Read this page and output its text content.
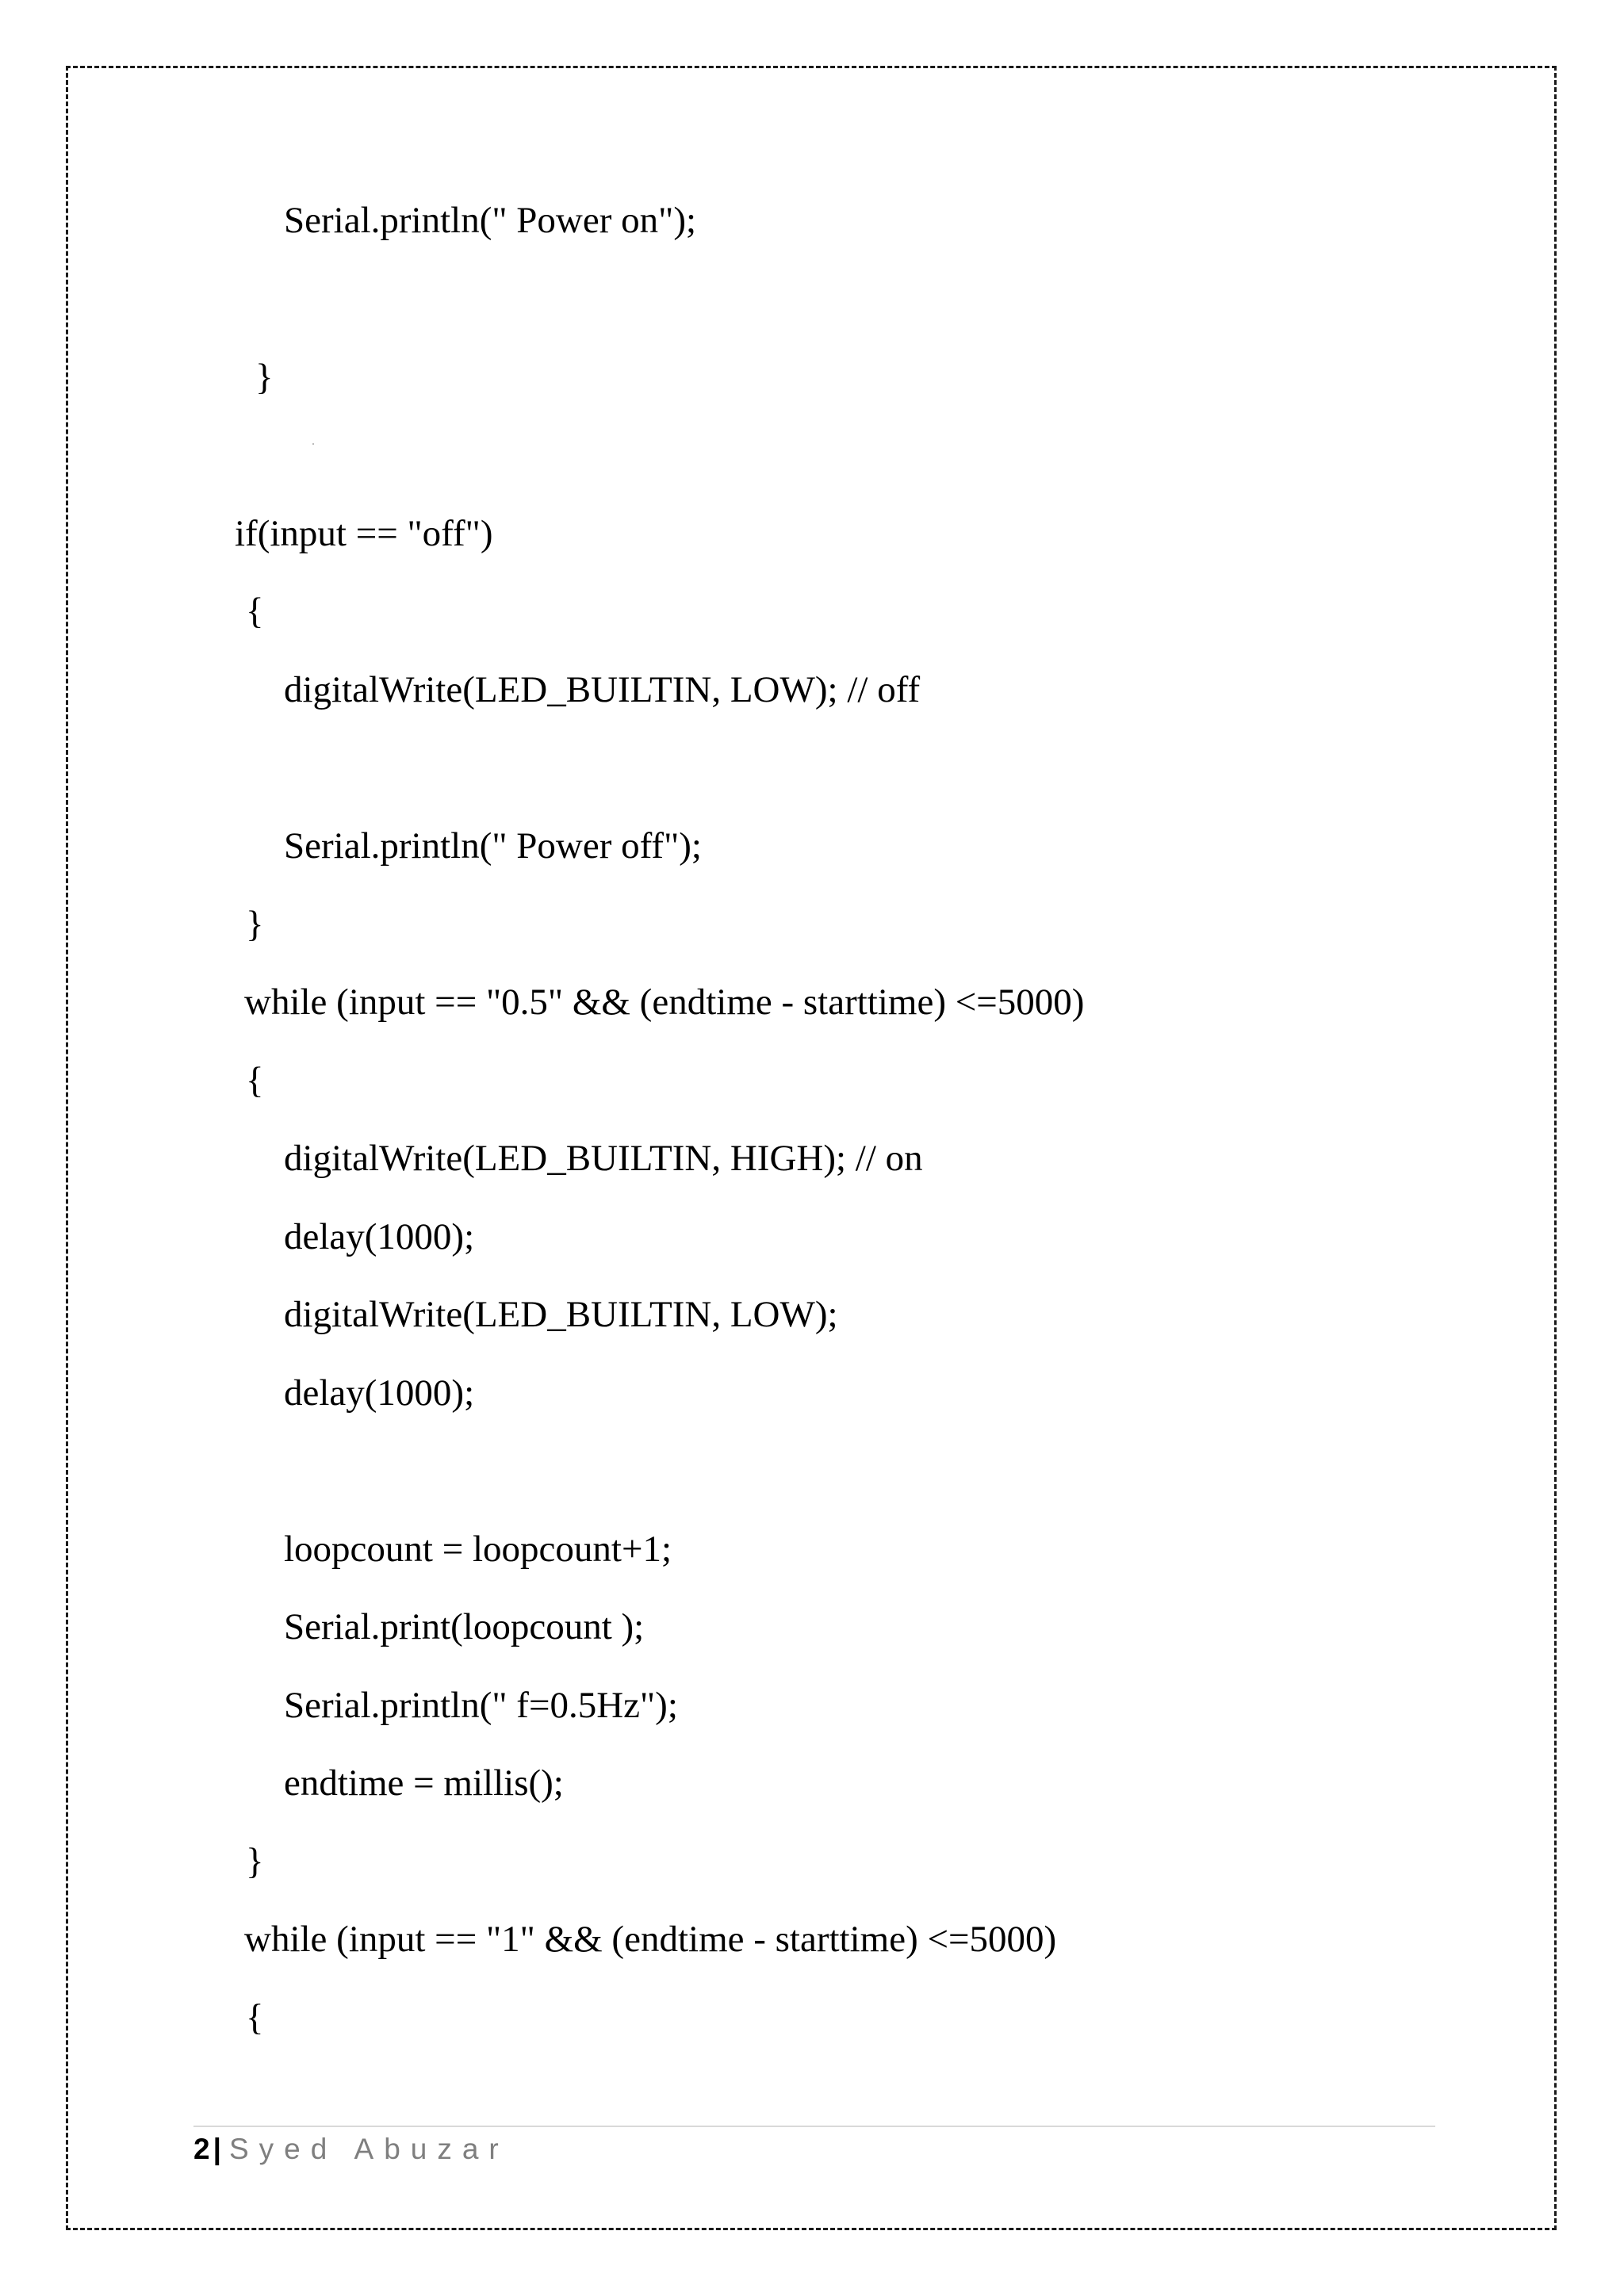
Serial.println(" Power on");

}

if(input == "off")

{

digitalWrite(LED_BUILTIN, LOW); // off

Serial.println(" Power off");

}

while (input == "0.5" && (endtime - starttime) <=5000)

{

digitalWrite(LED_BUILTIN, HIGH); // on

delay(1000);

digitalWrite(LED_BUILTIN, LOW);

delay(1000);

loopcount = loopcount+1;

Serial.print(loopcount );

Serial.println(" f=0.5Hz");

endtime = millis();

}

while (input == "1" && (endtime - starttime) <=5000)

{

2 | Syed Abuzar
